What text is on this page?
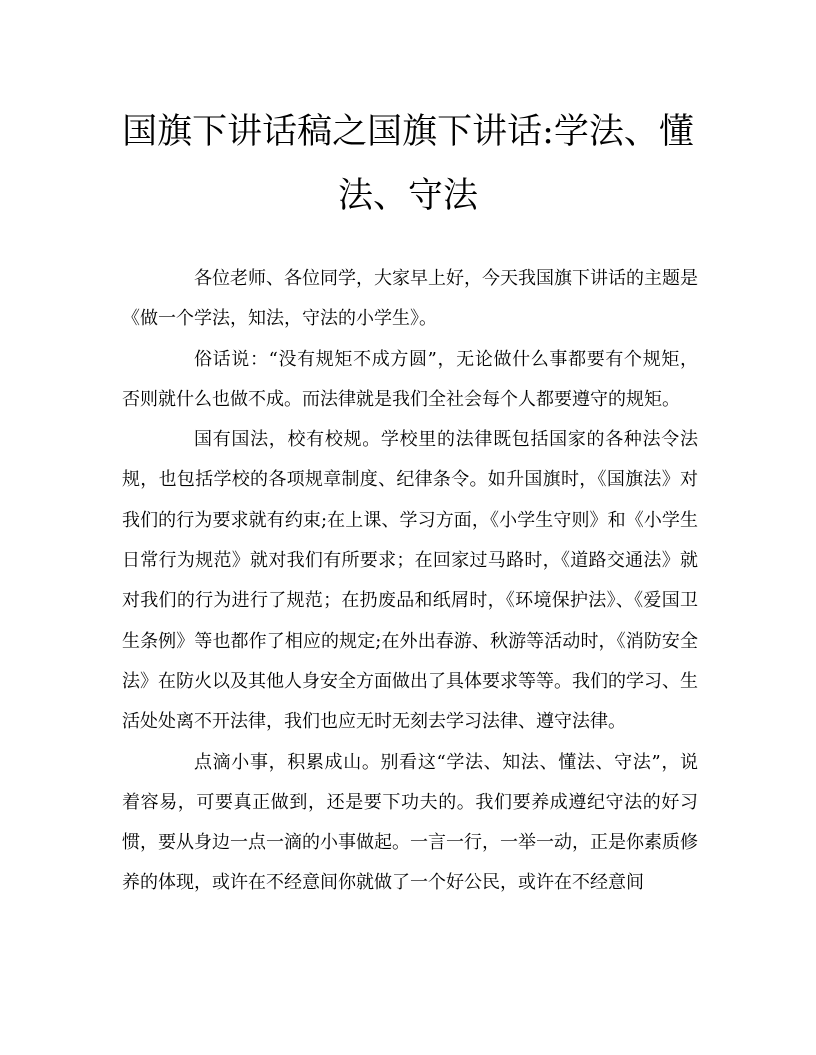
国旗下讲话稿之国旗下讲话:学法、懂
法、守法

各位老师、各位同学，大家早上好，今天我国旗下讲话的主题是《做一个学法，知法，守法的小学生》。

俗话说：“没有规矩不成方圆”，无论做什么事都要有个规矩，否则就什么也做不成。而法律就是我们全社会每个人都要遵守的规矩。

国有国法，校有校规。学校里的法律既包括国家的各种法令法规，也包括学校的各项规章制度、纪律条令。如升国旗时，《国旗法》对我们的行为要求就有约束;在上课、学习方面，《小学生守则》和《小学生日常行为规范》就对我们有所要求；在回家过马路时，《道路交通法》就对我们的行为进行了规范；在扔废品和纸屑时，《环境保护法》、《爱国卫生条例》等也都作了相应的规定;在外出春游、秋游等活动时，《消防安全法》在防火以及其他人身安全方面做出了具体要求等等。我们的学习、生活处处离不开法律，我们也应无时无刻去学习法律、遵守法律。

点滴小事，积累成山。别看这“学法、知法、懂法、守法”，说着容易，可要真正做到，还是要下功夫的。我们要养成遵纪守法的好习惯，要从身边一点一滴的小事做起。一言一行，一举一动，正是你素质修养的体现，或许在不经意间你就做了一个好公民，或许在不经意间
